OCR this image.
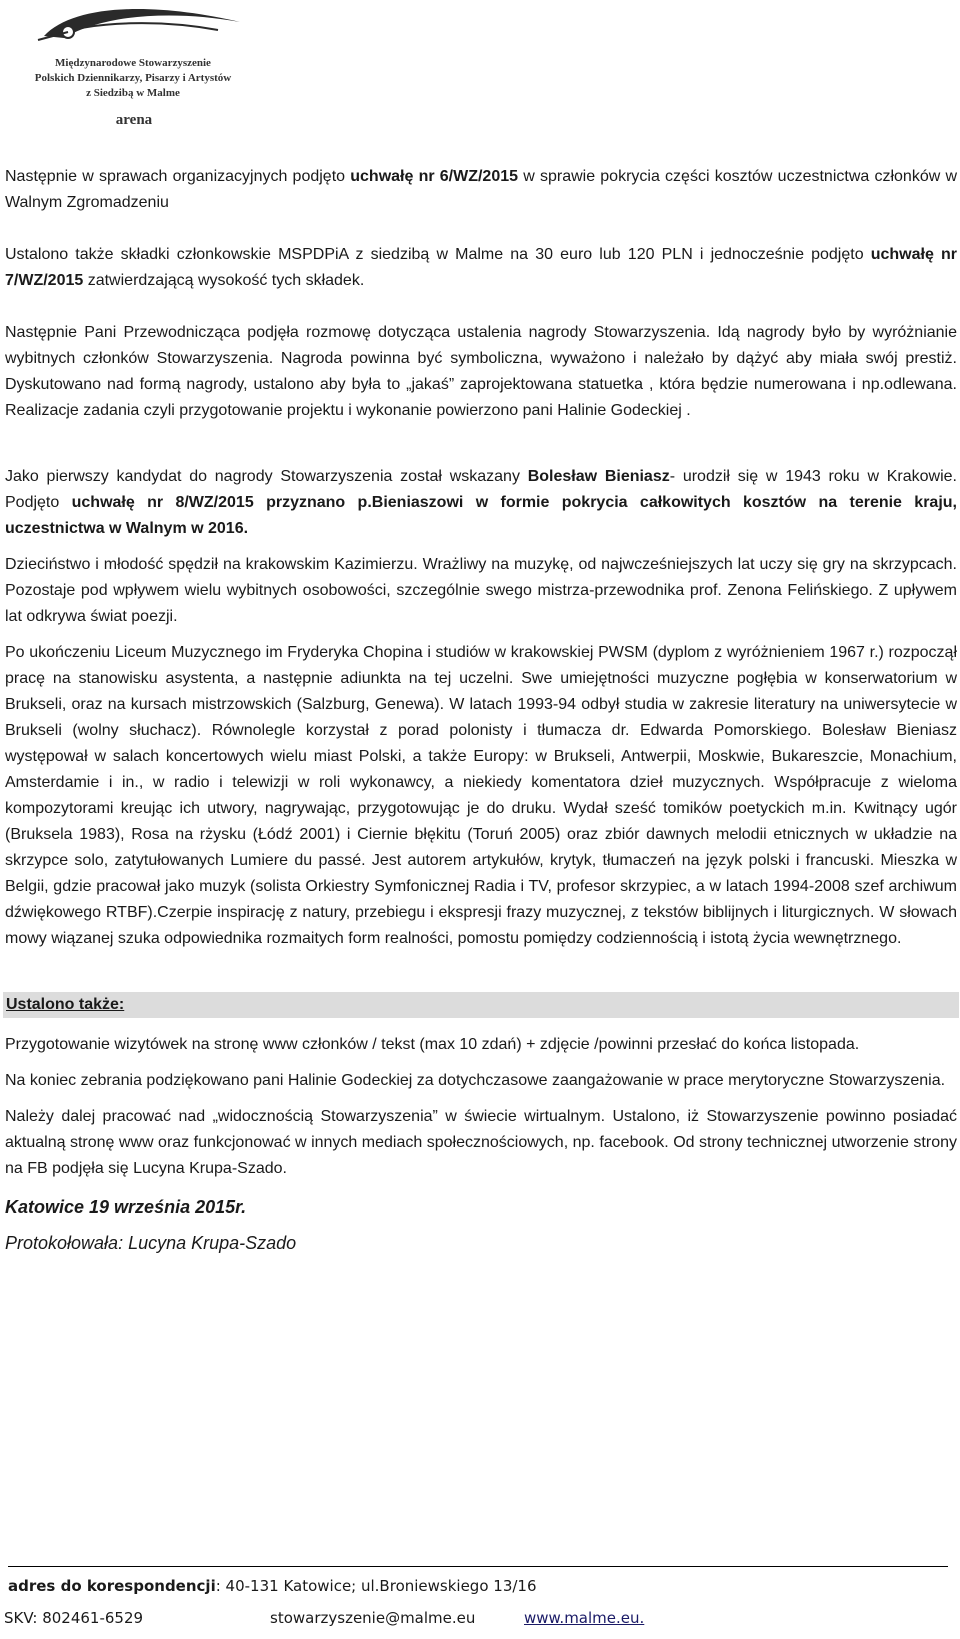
Międzynarodowe Stowarzyszenie
Polskich Dziennikarzy, Pisarzy i Artystów
z Siedzibą w Malme
arena

Następnie w sprawach organizacyjnych podjęto uchwałę nr 6/WZ/2015 w sprawie pokrycia części kosztów uczestnictwa członków w Walnym Zgromadzeniu

Ustalono także składki członkowskie MSPDPiA z siedzibą w Malme na 30 euro lub 120 PLN i jednocześnie podjęto uchwałę nr 7/WZ/2015 zatwierdzającą wysokość tych składek.

Następnie Pani Przewodnicząca podjęła rozmowę dotycząca ustalenia nagrody Stowarzyszenia. Idą nagrody było by wyróżnianie wybitnych członków Stowarzyszenia. Nagroda powinna być symboliczna, wyważono i należało by dążyć aby miała swój prestiż. Dyskutowano nad formą nagrody, ustalono aby była to „jakaś” zaprojektowana statuetka , która będzie numerowana i np.odlewana. Realizacje zadania czyli przygotowanie projektu i wykonanie powierzono pani Halinie Godeckiej .

Jako pierwszy kandydat do nagrody Stowarzyszenia został wskazany Bolesław Bieniasz- urodził się w 1943 roku w Krakowie. Podjęto uchwałę nr 8/WZ/2015 przyznano p.Bieniaszowi w formie pokrycia całkowitych kosztów na terenie kraju, uczestnictwa w Walnym w 2016.

Dzieciństwo i młodość spędził na krakowskim Kazimierzu. Wrażliwy na muzykę, od najwcześniejszych lat uczy się gry na skrzypcach. Pozostaje pod wpływem wielu wybitnych osobowości, szczególnie swego mistrza-przewodnika prof. Zenona Felińskiego. Z upływem lat odkrywa świat poezji.

Po ukończeniu Liceum Muzycznego im Fryderyka Chopina i studiów w krakowskiej PWSM (dyplom z wyróżnieniem 1967 r.) rozpoczął pracę na stanowisku asystenta, a następnie adiunkta na tej uczelni. Swe umiejętności muzyczne pogłębia w konserwatorium w Brukseli, oraz na kursach mistrzowskich (Salzburg, Genewa). W latach 1993-94 odbył studia w zakresie literatury na uniwersytecie w Brukseli (wolny słuchacz). Równolegle korzystał z porad polonisty i tłumacza dr. Edwarda Pomorskiego. Bolesław Bieniasz występował w salach koncertowych wielu miast Polski, a także Europy: w Brukseli, Antwerpii, Moskwie, Bukareszcie, Monachium, Amsterdamie i in., w radio i telewizji w roli wykonawcy, a niekiedy komentatora dzieł muzycznych. Współpracuje z wieloma kompozytorami kreując ich utwory, nagrywając, przygotowując je do druku. Wydał sześć tomików poetyckich m.in. Kwitnący ugór (Bruksela 1983), Rosa na rżysku (Łódź 2001) i Ciernie błękitu (Toruń 2005) oraz zbiór dawnych melodii etnicznych w układzie na skrzypce solo, zatytułowanych Lumiere du passé. Jest autorem artykułów, krytyk, tłumaczeń na język polski i francuski. Mieszka w Belgii, gdzie pracował jako muzyk (solista Orkiestry Symfonicznej Radia i TV, profesor skrzypiec, a w latach 1994-2008 szef archiwum dźwiękowego RTBF).Czerpie inspirację z natury, przebiegu i ekspresji frazy muzycznej, z tekstów biblijnych i liturgicznych. W słowach mowy wiązanej szuka odpowiednika rozmaitych form realności, pomostu pomiędzy codziennością i istotą życia wewnętrznego.

Ustalono także:

Przygotowanie wizytówek na stronę www członków / tekst (max 10 zdań) + zdjęcie /powinni przesłać do końca listopada.

Na koniec zebrania podziękowano pani Halinie Godeckiej za dotychczasowe zaangażowanie w prace merytoryczne Stowarzyszenia.

Należy dalej pracować nad „widocznością Stowarzyszenia” w świecie wirtualnym. Ustalono, iż Stowarzyszenie powinno posiadać aktualną stronę www oraz funkcjonować w innych mediach społecznościowych, np. facebook. Od strony technicznej utworzenie strony na FB podjęła się Lucyna Krupa-Szado.

Katowice 19 września 2015r.

Protokołowała: Lucyna Krupa-Szado

adres do korespondencji: 40-131 Katowice; ul.Broniewskiego 13/16
SKV: 802461-6529	stowarzyszenie@malme.eu	www.malme.eu.
